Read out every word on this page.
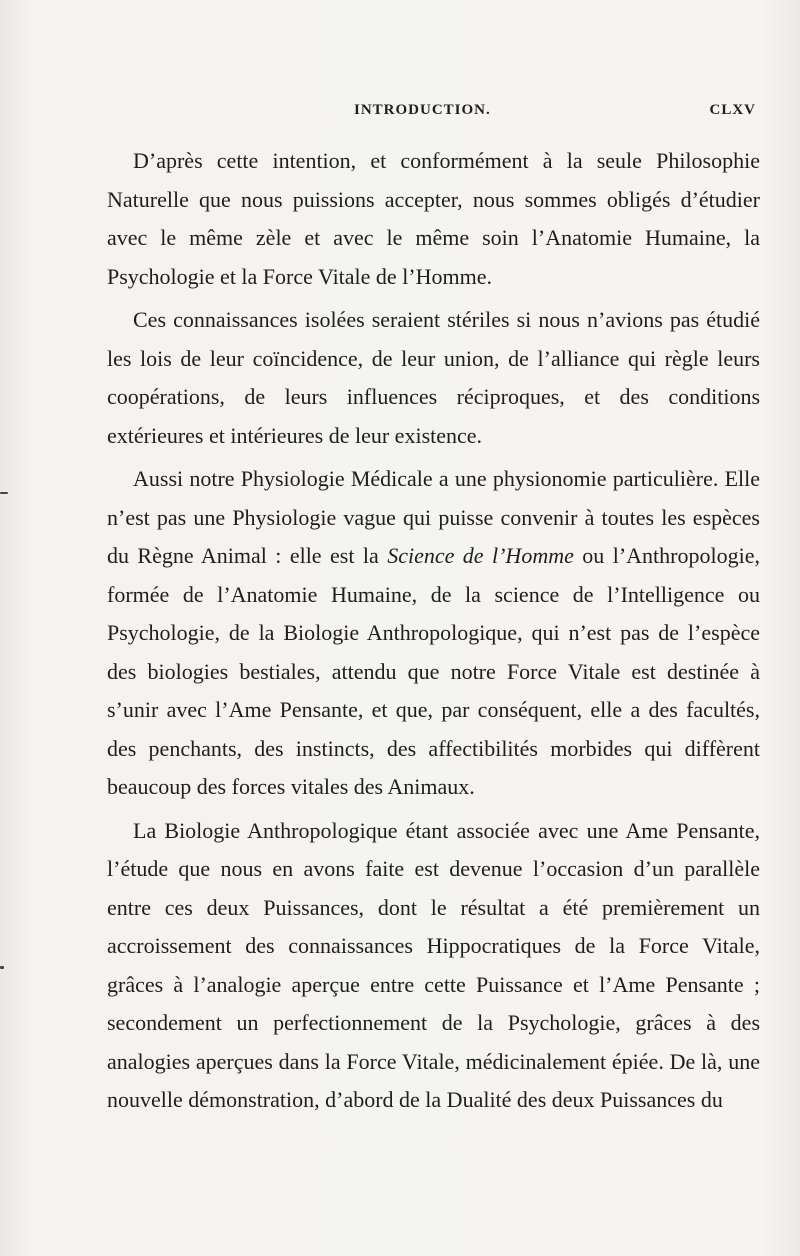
INTRODUCTION.	CLXV

D’après cette intention, et conformément à la seule Philosophie Naturelle que nous puissions accepter, nous sommes obligés d’étudier avec le même zèle et avec le même soin l’Anatomie Humaine, la Psychologie et la Force Vitale de l’Homme.

Ces connaissances isolées seraient stériles si nous n’avions pas étudié les lois de leur coïncidence, de leur union, de l’alliance qui règle leurs coopérations, de leurs influences réciproques, et des conditions extérieures et intérieures de leur existence.

Aussi notre Physiologie Médicale a une physionomie particulière. Elle n’est pas une Physiologie vague qui puisse convenir à toutes les espèces du Règne Animal : elle est la Science de l’Homme ou l’Anthropologie, formée de l’Anatomie Humaine, de la science de l’Intelligence ou Psychologie, de la Biologie Anthropologique, qui n’est pas de l’espèce des biologies bestiales, attendu que notre Force Vitale est destinée à s’unir avec l’Ame Pensante, et que, par conséquent, elle a des facultés, des penchants, des instincts, des affectibilités morbides qui diffèrent beaucoup des forces vitales des Animaux.

La Biologie Anthropologique étant associée avec une Ame Pensante, l’étude que nous en avons faite est devenue l’occasion d’un parallèle entre ces deux Puissances, dont le résultat a été premièrement un accroissement des connaissances Hippocratiques de la Force Vitale, grâces à l’analogie aperçue entre cette Puissance et l’Ame Pensante ; secondement un perfectionnement de la Psychologie, grâces à des analogies aperçues dans la Force Vitale, médicinalement épiée. De là, une nouvelle démonstration, d’abord de la Dualité des deux Puissances du
